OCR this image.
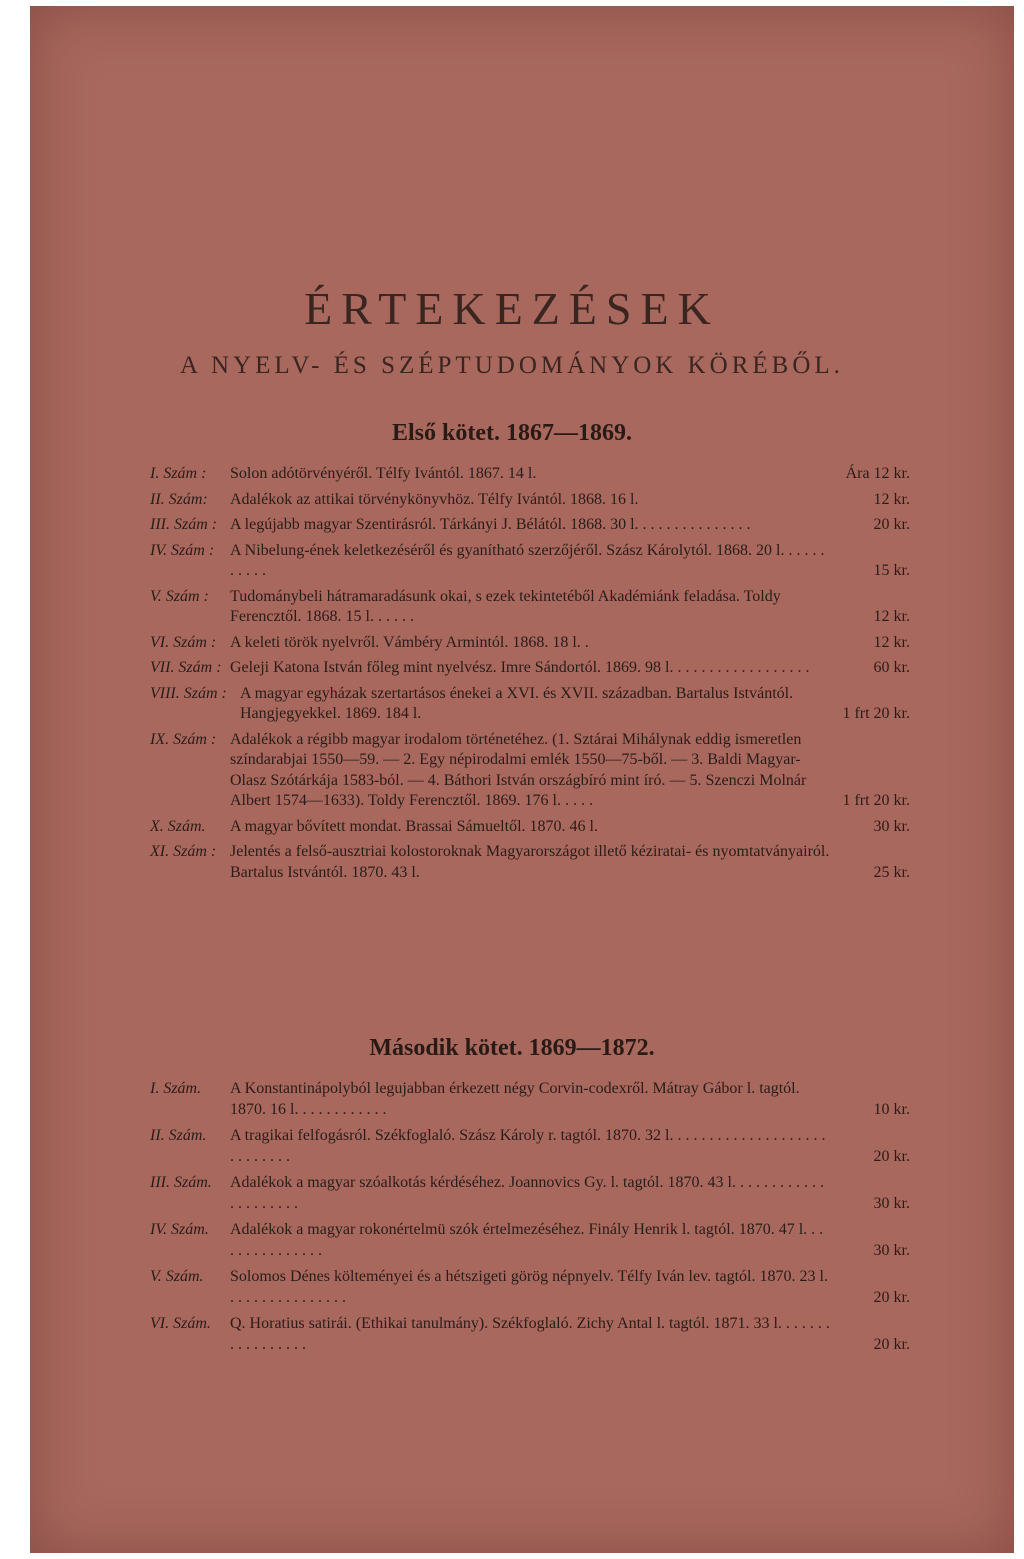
ÉRTEKEZÉSEK
A NYELV- ÉS SZÉPTUDOMÁNYOK KÖRÉBŐL.
Első kötet. 1867—1869.
I. Szám :	Solon adótörvényéről. Télfy Ivántól. 1867. 14 l.	Ára 12 kr.
II. Szám:	Adalékok az attikai törvénykönyvhöz. Télfy Ivántól. 1868. 16 l.	12 kr.
III. Szám : A legújabb magyar Szentirásról. Tárkányi J. Bélától. 1868. 30 l. . . . . . . . . . . . . . .	20 kr.
IV. Szám : A Nibelung-ének keletkezéséről és gyanítható szerzőjéről. Szász Károlytól. 1868. 20 l. . . . . . . . . . .	15 kr.
V. Szám :	Tudománybeli hátramaradásunk okai, s ezek tekintetéből Akadémiánk feladása. Toldy Ferencztől. 1868. 15 l. . . . . .	12 kr.
VI. Szám : A keleti török nyelvről. Vámbéry Armintól. 1868. 18 l. .	12 kr.
VII. Szám : Geleji Katona István főleg mint nyelvész. Imre Sándortól. 1869. 98 l. . . . . . . . . . . . . . . . . .	60 kr.
VIII. Szám : A magyar egyházak szertartásos énekei a XVI. és XVII. században. Bartalus Istvántól. Hangjegyekkel. 1869. 184 l.	1 frt 20 kr.
IX. Szám : Adalékok a régibb magyar irodalom történetéhez. (1. Sztárai Mihálynak eddig ismeretlen színdarabjai 1550—59. — 2. Egy népirodalmi emlék 1550—75-ből. — 3. Baldi Magyar-Olasz Szótárkája 1583-ból. — 4. Báthori István országbíró mint író. — 5. Szenczi Molnár Albert 1574—1633). Toldy Ferencztől. 1869. 176 l. . . . .	1 frt 20 kr.
X. Szám.	A magyar bővített mondat. Brassai Sámueltől. 1870. 46 l.	30 kr.
XI. Szám : Jelentés a felső-ausztriai kolostoroknak Magyarországot illető kéziratai- és nyomtatványairól. Bartalus Istvántól. 1870. 43 l.	25 kr.
Második kötet. 1869—1872.
I. Szám.	A Konstantinápolyból legujabban érkezett négy Corvin-codexről. Mátray Gábor l. tagtól. 1870. 16 l. . . . . . . . . . . .	10 kr.
II. Szám.	A tragikai felfogásról. Székfoglaló. Szász Károly r. tagtól. 1870. 32 l. . . . . . . . . . . . . . . . . . . . . . . . . . . .	20 kr.
III. Szám.	Adalékok a magyar szóalkotás kérdéséhez. Joannovics Gy. l. tagtól. 1870. 43 l. . . . . . . . . . . . . . . . . . . . .	30 kr.
IV. Szám.	Adalékok a magyar rokonértelmü szók értelmezéséhez. Finály Henrik l. tagtól. 1870. 47 l. . . . . . . . . . . . . . .	30 kr.
V. Szám.	Solomos Dénes költeményei és a hétszigeti görög népnyelv. Télfy Iván lev. tagtól. 1870. 23 l. . . . . . . . . . . . . . . .	20 kr.
VI. Szám.	Q. Horatius satirái. (Ethikai tanulmány). Székfoglaló. Zichy Antal l. tagtól. 1871. 33 l. . . . . . . . . . . . . . . . .	20 kr.
